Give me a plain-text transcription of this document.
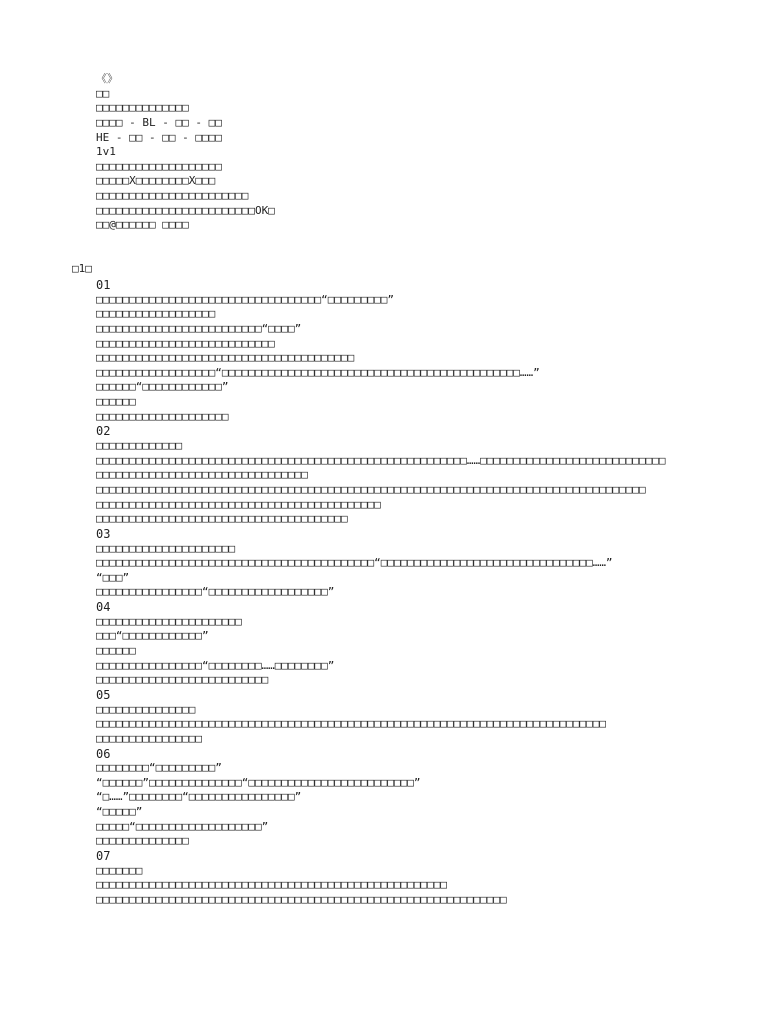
《》
□□
□□□□□□□□□□□□□□
□□□□ - BL - □□ - □□
HE - □□ - □□ - □□□□
1v1
□□□□□□□□□□□□□□□□□□□
□□□□□X□□□□□□□□X□□□
□□□□□□□□□□□□□□□□□□□□□□□
□□□□□□□□□□□□□□□□□□□□□□□□OK□
□□@□□□□□□ □□□□
□1□
01
□□□□□□□□□□□□□□□□□□□□□□□□□□□□□□□□□□“□□□□□□□□□”
□□□□□□□□□□□□□□□□□□
□□□□□□□□□□□□□□□□□□□□□□□□□“□□□□”
□□□□□□□□□□□□□□□□□□□□□□□□□□□
□□□□□□□□□□□□□□□□□□□□□□□□□□□□□□□□□□□□□□□
□□□□□□□□□□□□□□□□□□“□□□□□□□□□□□□□□□□□□□□□□□□□□□□□□□□□□□□□□□□□□□□□……”
□□□□□□“□□□□□□□□□□□□”
□□□□□□
□□□□□□□□□□□□□□□□□□□□
02
□□□□□□□□□□□□□
□□□□□□□□□□□□□□□□□□□□□□□□□□□□□□□□□□□□□□□□□□□□□□□□□□□□□□□□……□□□□□□□□□□□□□□□□□□□□□□□□□□□□
□□□□□□□□□□□□□□□□□□□□□□□□□□□□□□□□
□□□□□□□□□□□□□□□□□□□□□□□□□□□□□□□□□□□□□□□□□□□□□□□□□□□□□□□□□□□□□□□□□□□□□□□□□□□□□□□□□□□
□□□□□□□□□□□□□□□□□□□□□□□□□□□□□□□□□□□□□□□□□□□
□□□□□□□□□□□□□□□□□□□□□□□□□□□□□□□□□□□□□□
03
□□□□□□□□□□□□□□□□□□□□□
□□□□□□□□□□□□□□□□□□□□□□□□□□□□□□□□□□□□□□□□□□“□□□□□□□□□□□□□□□□□□□□□□□□□□□□□□□□……”
“□□□”
□□□□□□□□□□□□□□□□“□□□□□□□□□□□□□□□□□□”
04
□□□□□□□□□□□□□□□□□□□□□□
□□□“□□□□□□□□□□□□”
□□□□□□
□□□□□□□□□□□□□□□□“□□□□□□□□……□□□□□□□□”
□□□□□□□□□□□□□□□□□□□□□□□□□□
05
□□□□□□□□□□□□□□□
□□□□□□□□□□□□□□□□□□□□□□□□□□□□□□□□□□□□□□□□□□□□□□□□□□□□□□□□□□□□□□□□□□□□□□□□□□□□□
□□□□□□□□□□□□□□□□
06
□□□□□□□□“□□□□□□□□□”
“□□□□□□”□□□□□□□□□□□□□□“□□□□□□□□□□□□□□□□□□□□□□□□□”
“□……”□□□□□□□□“□□□□□□□□□□□□□□□□”
“□□□□□”
□□□□□“□□□□□□□□□□□□□□□□□□□”
□□□□□□□□□□□□□□
07
□□□□□□□
□□□□□□□□□□□□□□□□□□□□□□□□□□□□□□□□□□□□□□□□□□□□□□□□□□□□□
□□□□□□□□□□□□□□□□□□□□□□□□□□□□□□□□□□□□□□□□□□□□□□□□□□□□□□□□□□□□□□
